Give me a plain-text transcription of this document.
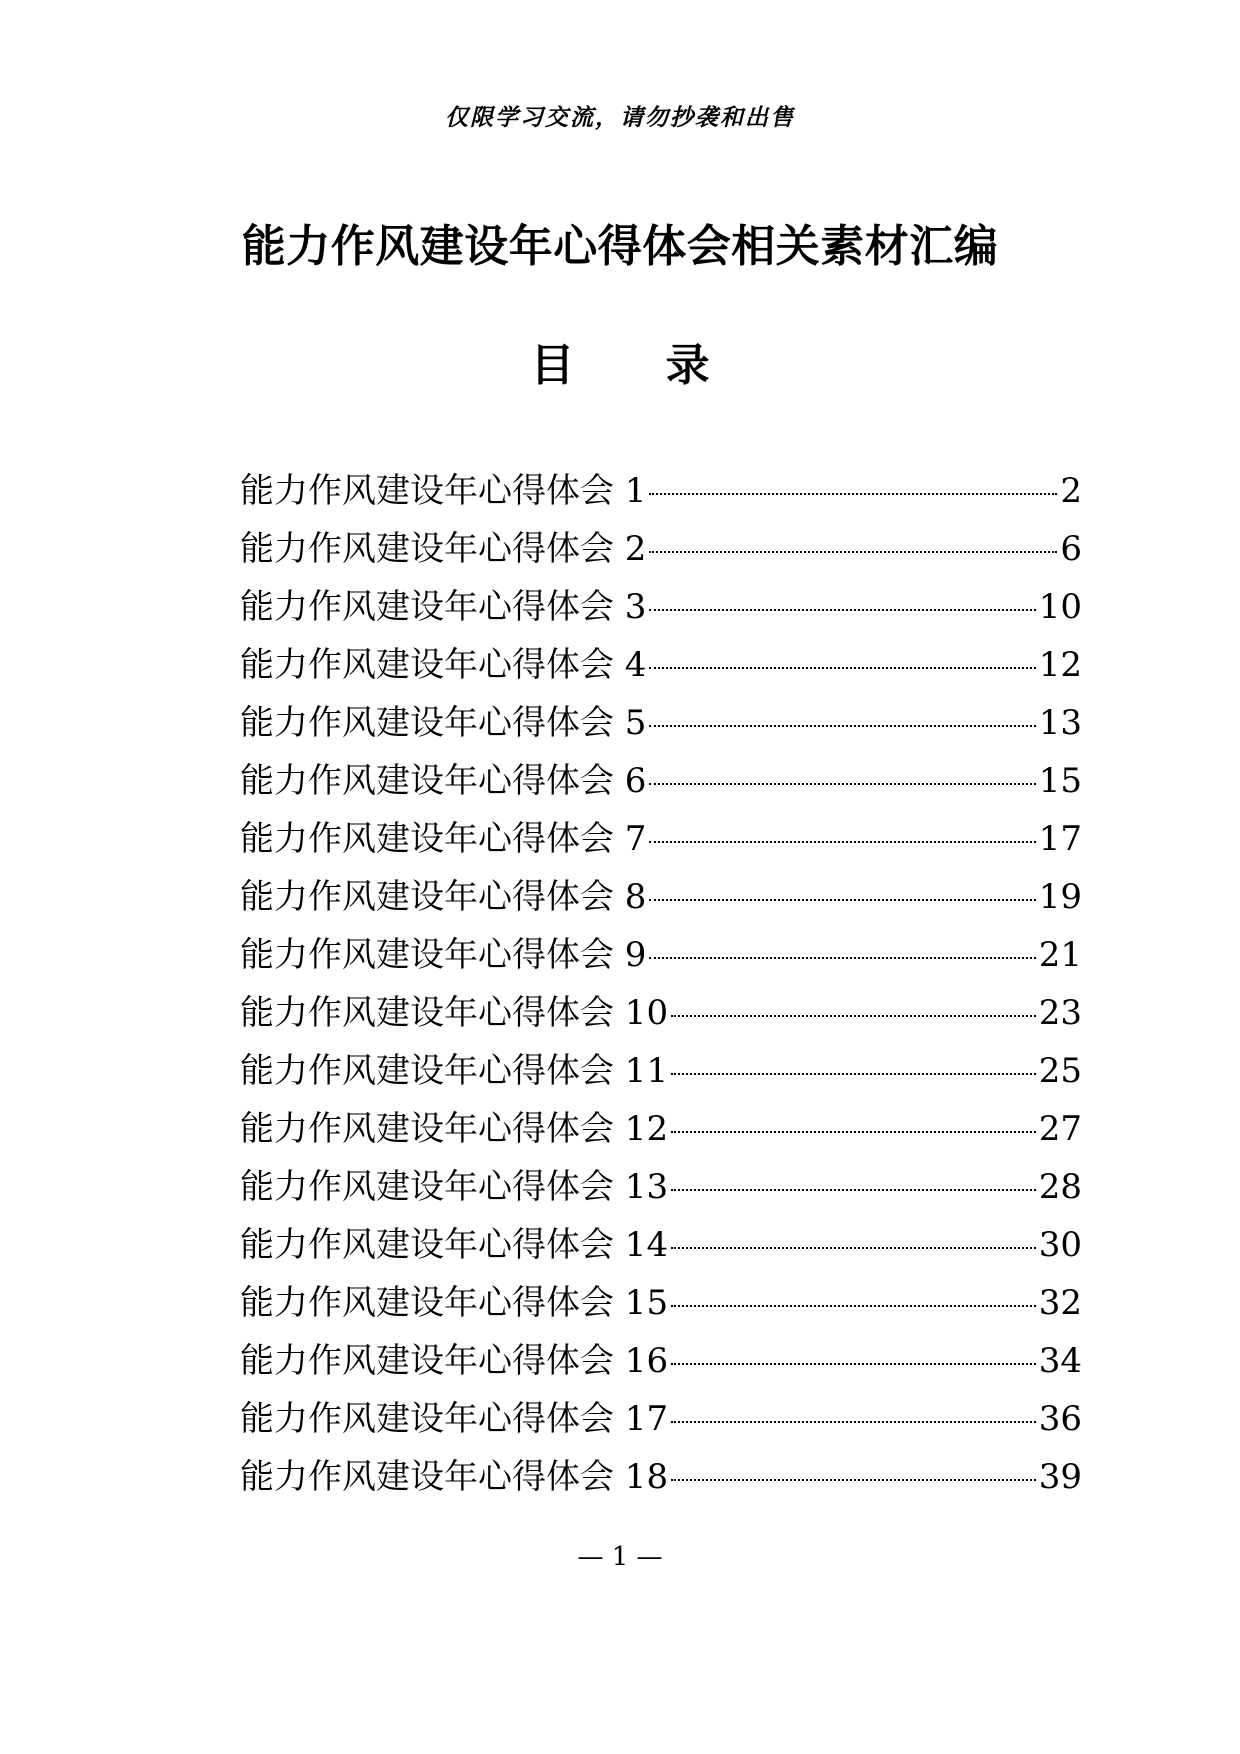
仅限学习交流，请勿抄袭和出售
能力作风建设年心得体会相关素材汇编
目 录
能力作风建设年心得体会 1	2
能力作风建设年心得体会 2	6
能力作风建设年心得体会 3	10
能力作风建设年心得体会 4	12
能力作风建设年心得体会 5	13
能力作风建设年心得体会 6	15
能力作风建设年心得体会 7	17
能力作风建设年心得体会 8	19
能力作风建设年心得体会 9	21
能力作风建设年心得体会 10	23
能力作风建设年心得体会 11	25
能力作风建设年心得体会 12	27
能力作风建设年心得体会 13	28
能力作风建设年心得体会 14	30
能力作风建设年心得体会 15	32
能力作风建设年心得体会 16	34
能力作风建设年心得体会 17	36
能力作风建设年心得体会 18	39
— 1 —
